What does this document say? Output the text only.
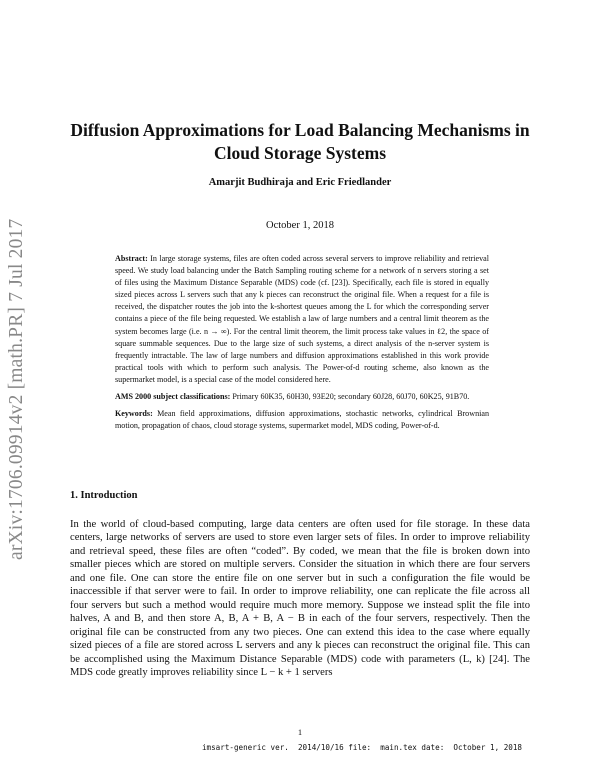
arXiv:1706.09914v2 [math.PR] 7 Jul 2017
Diffusion Approximations for Load Balancing Mechanisms in Cloud Storage Systems
Amarjit Budhiraja and Eric Friedlander
October 1, 2018

Abstract: In large storage systems, files are often coded across several servers to improve reliability and retrieval speed. We study load balancing under the Batch Sampling routing scheme for a network of n servers storing a set of files using the Maximum Distance Separable (MDS) code (cf. [23]). Specifically, each file is stored in equally sized pieces across L servers such that any k pieces can reconstruct the original file. When a request for a file is received, the dispatcher routes the job into the k-shortest queues among the L for which the corresponding server contains a piece of the file being requested. We establish a law of large numbers and a central limit theorem as the system becomes large (i.e. n → ∞). For the central limit theorem, the limit process take values in ℓ2, the space of square summable sequences. Due to the large size of such systems, a direct analysis of the n-server system is frequently intractable. The law of large numbers and diffusion approximations established in this work provide practical tools with which to perform such analysis. The Power-of-d routing scheme, also known as the supermarket model, is a special case of the model considered here.

AMS 2000 subject classifications: Primary 60K35, 60H30, 93E20; secondary 60J28, 60J70, 60K25, 91B70.

Keywords: Mean field approximations, diffusion approximations, stochastic networks, cylindrical Brownian motion, propagation of chaos, cloud storage systems, supermarket model, MDS coding, Power-of-d.

1. Introduction

In the world of cloud-based computing, large data centers are often used for file storage. In these data centers, large networks of servers are used to store even larger sets of files. In order to improve reliability and retrieval speed, these files are often “coded”. By coded, we mean that the file is broken down into smaller pieces which are stored on multiple servers. Consider the situation in which there are four servers and one file. One can store the entire file on one server but in such a configuration the file would be inaccessible if that server were to fail. In order to improve reliability, one can replicate the file across all four servers but such a method would require much more memory. Suppose we instead split the file into halves, A and B, and then store A, B, A + B, A − B in each of the four servers, respectively. Then the original file can be constructed from any two pieces. One can extend this idea to the case where equally sized pieces of a file are stored across L servers and any k pieces can reconstruct the original file. This can be accomplished using the Maximum Distance Separable (MDS) code with parameters (L, k) [24]. The MDS code greatly improves reliability since L − k + 1 servers

1
imsart-generic ver.  2014/10/16 file:  main.tex date:  October 1, 2018
